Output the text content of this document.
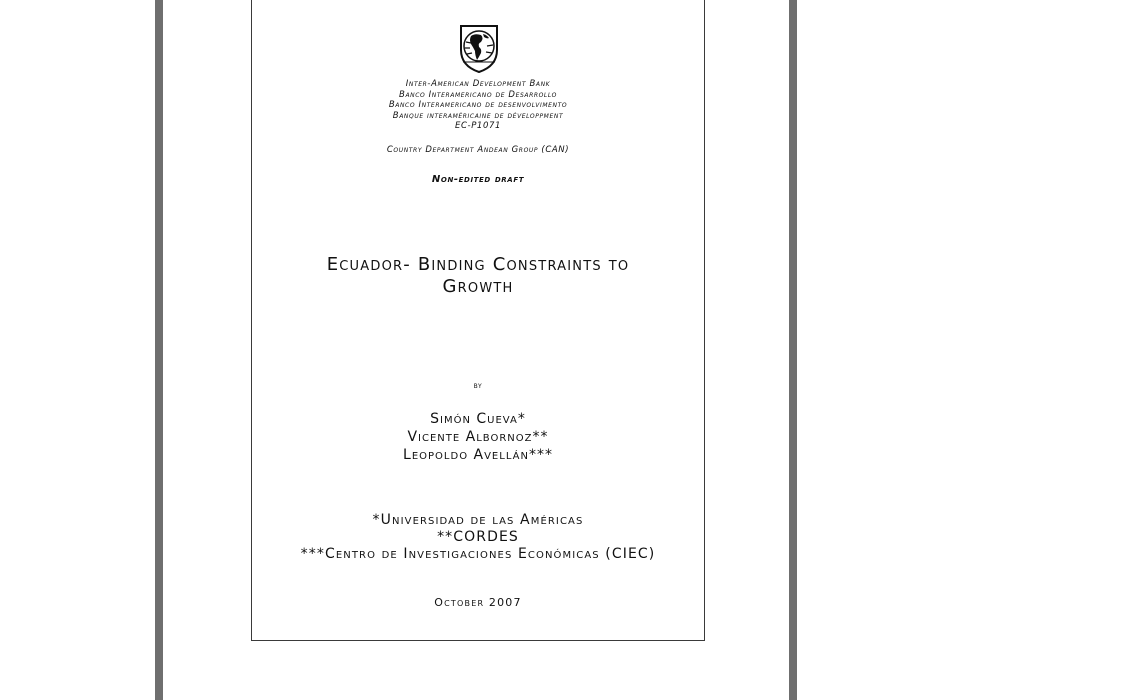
Inter-American Development Bank
Banco Interamericano de Desarrollo
Banco Interamericano de desenvolvimento
Banque interaméricaine de développment
EC-P1071
Country Department Andean Group (CAN)
Non-edited draft
Ecuador- Binding Constraints to
Growth
by
Simón Cueva*
Vicente Albornoz**
Leopoldo Avellán***
*Universidad de las Américas
**CORDES
***Centro de Investigaciones Económicas (CIEC)
October 2007
